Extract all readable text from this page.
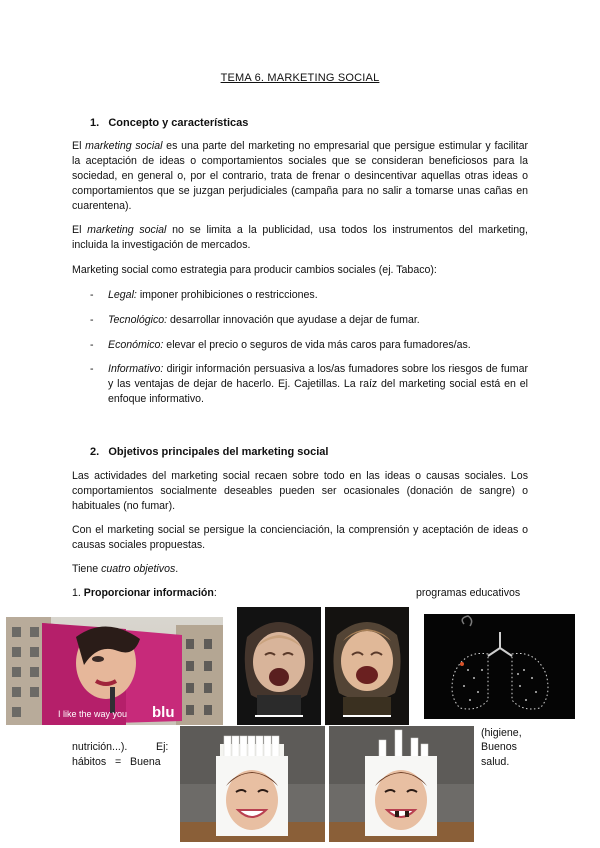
TEMA 6. MARKETING SOCIAL
1. Concepto y características

El marketing social es una parte del marketing no empresarial que persigue estimular y facilitar la aceptación de ideas o comportamientos sociales que se consideran beneficiosos para la sociedad, en general o, por el contrario, trata de frenar o desincentivar aquellas otras ideas o comportamientos que se juzgan perjudiciales (campaña para no salir a tomarse unas cañas en cuarentena).

El marketing social no se limita a la publicidad, usa todos los instrumentos del marketing, incluida la investigación de mercados.

Marketing social como estrategia para producir cambios sociales (ej. Tabaco):

- Legal: imponer prohibiciones o restricciones.
- Tecnológico: desarrollar innovación que ayudase a dejar de fumar.
- Económico: elevar el precio o seguros de vida más caros para fumadores/as.
- Informativo: dirigir información persuasiva a los/as fumadores sobre los riesgos de fumar y las ventajas de dejar de hacerlo. Ej. Cajetillas. La raíz del marketing social está en el enfoque informativo.
2. Objetivos principales del marketing social

Las actividades del marketing social recaen sobre todo en las ideas o causas sociales. Los comportamientos socialmente deseables pueden ser ocasionales (donación de sangre) o habituales (no fumar).

Con el marketing social se persigue la concienciación, la comprensión y aceptación de ideas o causas sociales propuestas.

Tiene cuatro objetivos.

1. Proporcionar información:	programas educativos
I like the way you blu
nutrición...).	Ej:
hábitos   =   Buena
(higiene,
Buenos
salud.
